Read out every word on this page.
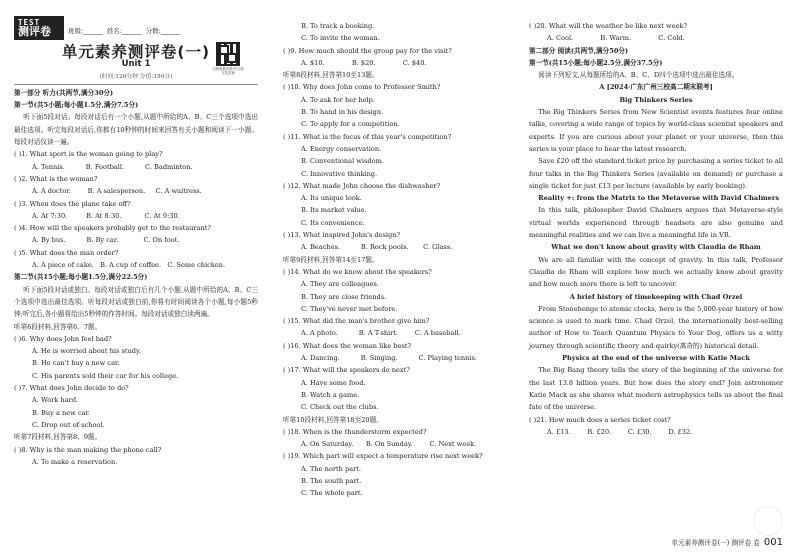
TEST
测评卷	班级:______  姓名:______  分数:______
单元素养测评卷(一)
Unit 1
(时间:120分钟 分值:150分)

第一部分 听力(共两节,满分30分)

第一节(共5小题;每小题1.5分,满分7.5分)

听下面5段对话。每段对话后有一个小题,从题中所给的A、B、C三个选项中选出最佳选项。听完每段对话后,你都有10秒钟的时间来回答有关小题和阅读下一小题。每段对话仅读一遍。

( )1. What sport is the woman going to play?

A. Tennis.          B. Football.          C. Badminton.

( )2. What is the woman?

A. A doctor.        B. A salesperson.     C. A waitress.

( )3. When does the plane take off?

A. At 7:30.         B. At 8:30.           C. At 9:30.

( )4. How will the speakers probably get to the restaurant?

A. By bus.          B. By car.            C. On foot.

( )5. What does the man order?

A. A piece of cake.   B. A cup of coffee.   C. Some chicken.

第二节(共15小题;每小题1.5分,满分22.5分)

听下面5段对话或独白。每段对话或独白后有几个小题,从题中所给的A、B、C三个选项中选出最佳选项。听每段对话或独白前,你将有时间阅读各个小题,每小题5秒钟;听完后,各小题将给出5秒钟的作答时间。每段对话或独白读两遍。

听第6段材料,回答第6、7题。

( )6. Why does John feel bad?

A. He is worried about his study.

B. He can't buy a new car.

C. His parents sold their car for his college.

( )7. What does John decide to do?

A. Work hard.

B. Buy a new car.

C. Drop out of school.

听第7段材料,回答第8、9题。

( )8. Why is the man making the phone call?

A. To make a reservation.

扫码查看音频 听力原文及答案

B. To track a booking.

C. To invite the woman.

( )9. How much should the group pay for the visit?

A. $10.             B. $20.             C. $40.

听第8段材料,回答第10至13题。

( )10. Why does John come to Professor Smith?

A. To ask for her help.

B. To hand in his design.

C. To apply for a competition.

( )11. What is the focus of this year's competition?

A. Energy conservation.

B. Conventional wisdom.

C. Innovative thinking.

( )12. What made John choose the dishwasher?

A. Its unique look.

B. Its market value.

C. Its convenience.

( )13. What inspired John's design?

A. Beaches.          B. Rock pools.       C. Glass.

听第9段材料,回答第14至17题。

( )14. What do we know about the speakers?

A. They are colleagues.

B. They are close friends.

C. They've never met before.

( )15. What did the man's brother give him?

A. A photo.          B. A T-shirt.        C. A baseball.

( )16. What does the woman like best?

A. Dancing.          B. Singing.          C. Playing tennis.

( )17. What will the speakers do next?

A. Have some food.

B. Watch a game.

C. Check out the clubs.

听第10段材料,回答第18至20题。

( )18. When is the thunderstorm expected?

A. On Saturday.      B. On Sunday.        C. Next week.

( )19. Which part will expect a temperature rise next week?

A. The north part.

B. The south part.

C. The whole part.

( )20. What will the weather be like next week?

A. Cool.             B. Warm.             C. Cold.

第二部分 阅读(共两节,满分50分)

第一节(共15小题;每小题2.5分,满分37.5分)

阅读下列短文,从每题所给的A、B、C、D四个选项中选出最佳选项。

A [2024·广东广州三校高二期末联考]

Big Thinkers Series

The Big Thinkers Series from New Scientist events features four online talks, covering a wide range of topics by world-class scientist speakers and experts. If you are curious about your planet or your universe, then this series is your place to hear the latest research.

Save £20 off the standard ticket price by purchasing a series ticket to all four talks in the Big Thinkers Series (available on demand) or purchase a single ticket for just £13 per lecture (available by early booking).

Reality +: from the Matrix to the Metaverse with David Chalmers

In this talk, philosopher David Chalmers argues that Metaverse-style virtual worlds experienced through headsets are also genuine and meaningful realities and we can live a meaningful life in VR.

What we don't know about gravity with Claudia de Rham

We are all familiar with the concept of gravity. In this talk, Professor Claudia de Rham will explore how much we actually know about gravity and how much more there is left to uncover.

A brief history of timekeeping with Chad Orzel

From Stonehenge to atomic clocks, here is the 5,000-year history of how science is used to mark time. Chad Orzel, the internationally best-selling author of How to Teach Quantum Physics to Your Dog, offers us a witty journey through scientific theory and quirky(离奇的) historical detail.

Physics at the end of the universe with Katie Mack

The Big Bang theory tells the story of the beginning of the universe for the last 13.8 billion years. But how does the story end? Join astronomer Katie Mack as she shares what modern astrophysics tells us about the final fate of the universe.

( )21. How much does a series ticket cost?

A. £13.        B. £20.        C. £30.        D. £32.

单元素养测评卷(一) 测评卷 卷 001
